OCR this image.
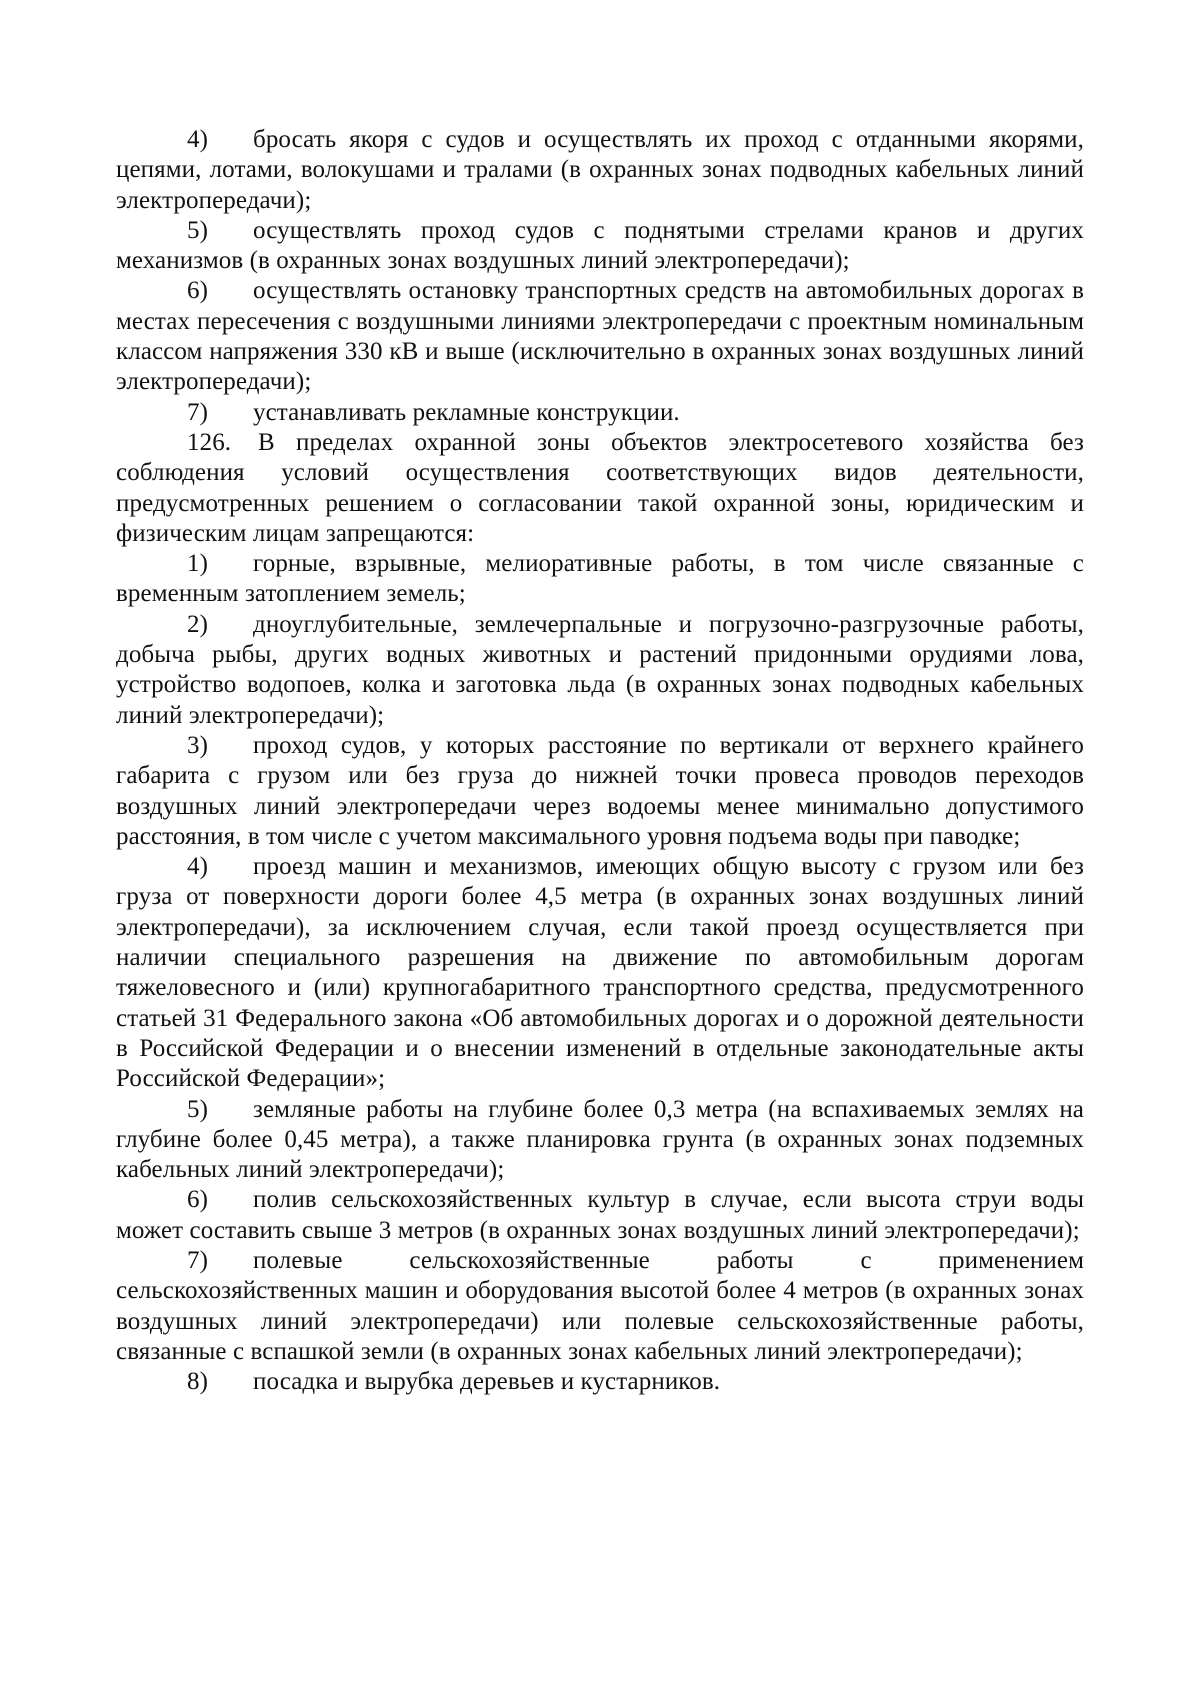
4) бросать якоря с судов и осуществлять их проход с отданными якорями, цепями, лотами, волокушами и тралами (в охранных зонах подводных кабельных линий электропередачи);

5) осуществлять проход судов с поднятыми стрелами кранов и других механизмов (в охранных зонах воздушных линий электропередачи);

6) осуществлять остановку транспортных средств на автомобильных дорогах в местах пересечения с воздушными линиями электропередачи с проектным номинальным классом напряжения 330 кВ и выше (исключительно в охранных зонах воздушных линий электропередачи);

7) устанавливать рекламные конструкции.

126. В пределах охранной зоны объектов электросетевого хозяйства без соблюдения условий осуществления соответствующих видов деятельности, предусмотренных решением о согласовании такой охранной зоны, юридическим и физическим лицам запрещаются:

1) горные, взрывные, мелиоративные работы, в том числе связанные с временным затоплением земель;

2) дноуглубительные, землечерпальные и погрузочно-разгрузочные работы, добыча рыбы, других водных животных и растений придонными орудиями лова, устройство водопоев, колка и заготовка льда (в охранных зонах подводных кабельных линий электропередачи);

3) проход судов, у которых расстояние по вертикали от верхнего крайнего габарита с грузом или без груза до нижней точки провеса проводов переходов воздушных линий электропередачи через водоемы менее минимально допустимого расстояния, в том числе с учетом максимального уровня подъема воды при паводке;

4) проезд машин и механизмов, имеющих общую высоту с грузом или без груза от поверхности дороги более 4,5 метра (в охранных зонах воздушных линий электропередачи), за исключением случая, если такой проезд осуществляется при наличии специального разрешения на движение по автомобильным дорогам тяжеловесного и (или) крупногабаритного транспортного средства, предусмотренного статьей 31 Федерального закона «Об автомобильных дорогах и о дорожной деятельности в Российской Федерации и о внесении изменений в отдельные законодательные акты Российской Федерации»;

5) земляные работы на глубине более 0,3 метра (на вспахиваемых землях на глубине более 0,45 метра), а также планировка грунта (в охранных зонах подземных кабельных линий электропередачи);

6) полив сельскохозяйственных культур в случае, если высота струи воды может составить свыше 3 метров (в охранных зонах воздушных линий электропередачи);

7) полевые сельскохозяйственные работы с применением сельскохозяйственных машин и оборудования высотой более 4 метров (в охранных зонах воздушных линий электропередачи) или полевые сельскохозяйственные работы, связанные с вспашкой земли (в охранных зонах кабельных линий электропередачи);

8) посадка и вырубка деревьев и кустарников.
